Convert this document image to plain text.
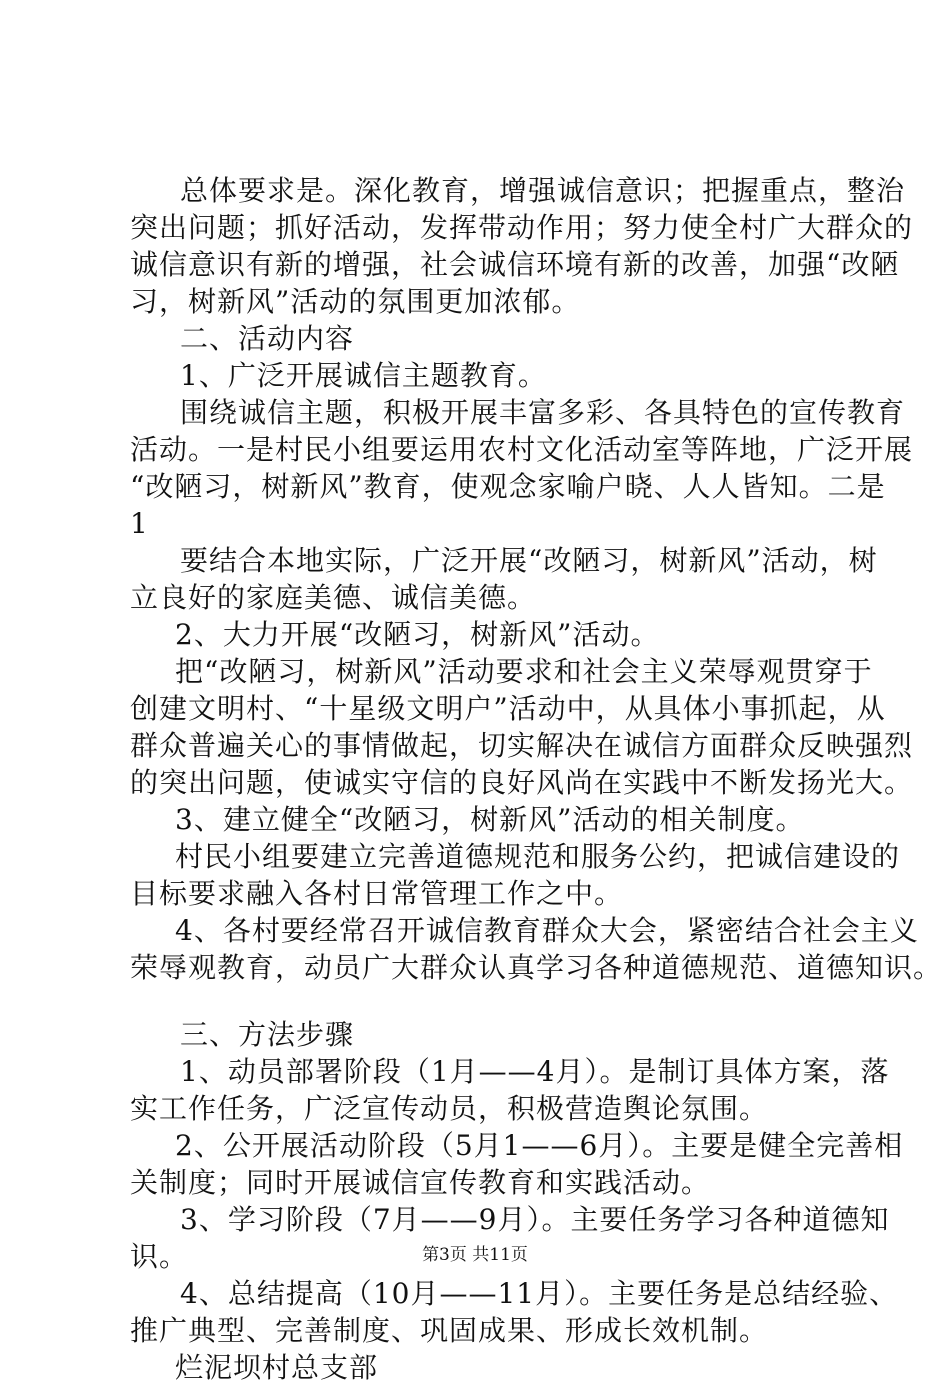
总体要求是。深化教育，增强诚信意识；把握重点，整治
突出问题；抓好活动，发挥带动作用；努力使全村广大群众的
诚信意识有新的增强，社会诚信环境有新的改善，加强“改陋
习，树新风”活动的氛围更加浓郁。
二、活动内容
1、广泛开展诚信主题教育。
围绕诚信主题，积极开展丰富多彩、各具特色的宣传教育
活动。一是村民小组要运用农村文化活动室等阵地，广泛开展
“改陋习，树新风”教育，使观念家喻户晓、人人皆知。二是
1
要结合本地实际，广泛开展“改陋习，树新风”活动，树
立良好的家庭美德、诚信美德。
2、大力开展“改陋习，树新风”活动。
把“改陋习，树新风”活动要求和社会主义荣辱观贯穿于
创建文明村、“十星级文明户”活动中，从具体小事抓起，从
群众普遍关心的事情做起，切实解决在诚信方面群众反映强烈
的突出问题，使诚实守信的良好风尚在实践中不断发扬光大。
3、建立健全“改陋习，树新风”活动的相关制度。
村民小组要建立完善道德规范和服务公约，把诚信建设的
目标要求融入各村日常管理工作之中。
4、各村要经常召开诚信教育群众大会，紧密结合社会主义
荣辱观教育，动员广大群众认真学习各种道德规范、道德知识。
三、方法步骤
1、动员部署阶段（1月——4月）。是制订具体方案，落
实工作任务，广泛宣传动员，积极营造舆论氛围。
2、公开展活动阶段（5月1——6月）。主要是健全完善相
关制度；同时开展诚信宣传教育和实践活动。
3、学习阶段（7月——9月）。主要任务学习各种道德知
识。
4、总结提高（10月——11月）。主要任务是总结经验、
推广典型、完善制度、巩固成果、形成长效机制。
烂泥坝村总支部
第3页 共11页
